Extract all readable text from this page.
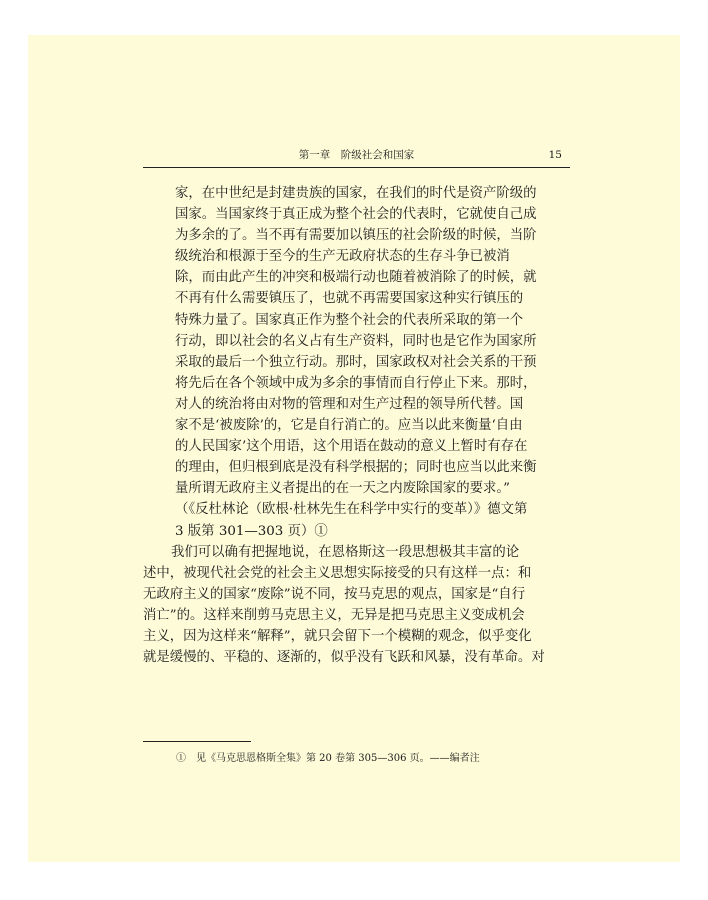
第一章　阶级社会和国家	15
家，在中世纪是封建贵族的国家，在我们的时代是资产阶级的
国家。当国家终于真正成为整个社会的代表时，它就使自己成
为多余的了。当不再有需要加以镇压的社会阶级的时候，当阶
级统治和根源于至今的生产无政府状态的生存斗争已被消
除，而由此产生的冲突和极端行动也随着被消除了的时候，就
不再有什么需要镇压了，也就不再需要国家这种实行镇压的
特殊力量了。国家真正作为整个社会的代表所采取的第一个
行动，即以社会的名义占有生产资料，同时也是它作为国家所
采取的最后一个独立行动。那时，国家政权对社会关系的干预
将先后在各个领域中成为多余的事情而自行停止下来。那时，
对人的统治将由对物的管理和对生产过程的领导所代替。国
家不是‘被废除’的，它是自行消亡的。应当以此来衡量‘自由
的人民国家’这个用语，这个用语在鼓动的意义上暂时有存在
的理由，但归根到底是没有科学根据的；同时也应当以此来衡
量所谓无政府主义者提出的在一天之内废除国家的要求。”
（《反杜林论（欧根·杜林先生在科学中实行的变革）》德文第
3 版第 301—303 页）①
我们可以确有把握地说，在恩格斯这一段思想极其丰富的论
述中，被现代社会党的社会主义思想实际接受的只有这样一点：和
无政府主义的国家“废除”说不同，按马克思的观点，国家是“自行
消亡”的。这样来削剪马克思主义，无异是把马克思主义变成机会
主义，因为这样来“解释”，就只会留下一个模糊的观念，似乎变化
就是缓慢的、平稳的、逐渐的，似乎没有飞跃和风暴，没有革命。对
①　见《马克思恩格斯全集》第 20 卷第 305—306 页。——编者注
